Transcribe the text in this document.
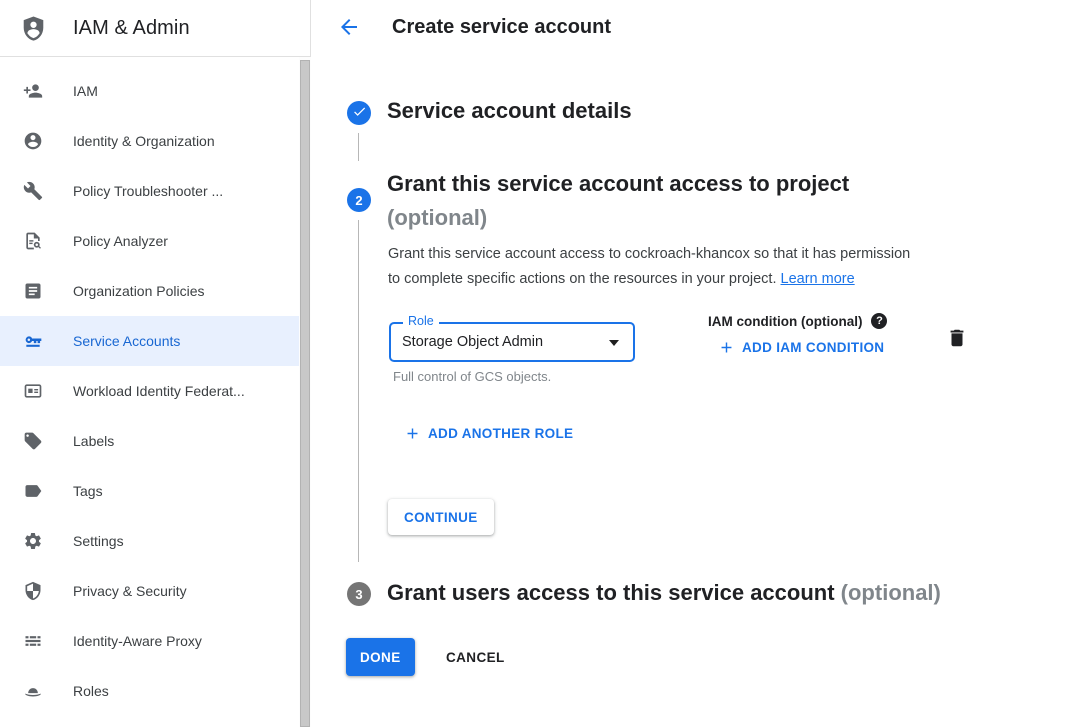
IAM & Admin
IAM
Identity & Organization
Policy Troubleshooter ...
Policy Analyzer
Organization Policies
Service Accounts
Workload Identity Federat...
Labels
Tags
Settings
Privacy & Security
Identity-Aware Proxy
Roles
Create service account
Service account details
2
Grant this service account access to project
(optional)
Grant this service account access to cockroach-khancox so that it has permission
to complete specific actions on the resources in your project. Learn more
Role
Storage Object Admin
Full control of GCS objects.
IAM condition (optional)	?
ADD IAM CONDITION
ADD ANOTHER ROLE
CONTINUE
3 Grant users access to this service account (optional)
DONE	CANCEL
